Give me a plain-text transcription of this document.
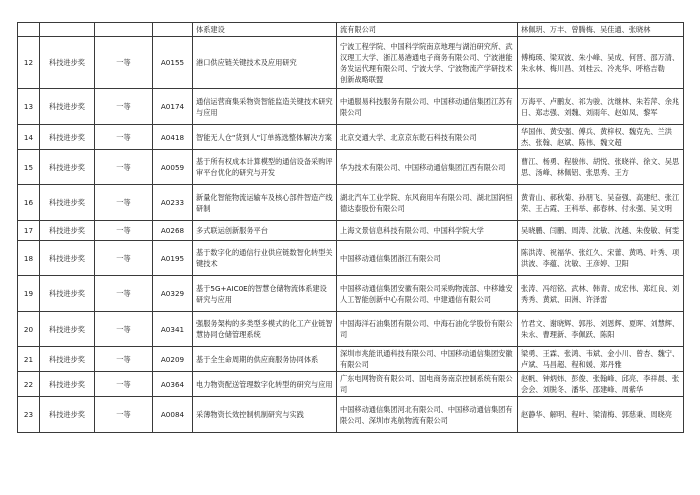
				体系建设	流有限公司	林佩玥、万丰、曾腾梅、吴佳通、张晓林
12	科技进步奖	一等	A0155	港口供应链关键技术及应用研究	宁波工程学院、中国科学院南京地理与湖泊研究所、武汉理工大学、浙江易港通电子商务有限公司、宁波港能务发运代理有限公司、宁波大学、宁波物流产学研技术创新战略联盟	傅梅瑛、梁双波、朱小峰、吴成、何晋、邵万清、朱永林、梅川昌、刘桂云、冷兆华、呼格吉勒
13	科技进步奖	一等	A0174	通信运营商集采物资智能监造关键技术研究与应用	中通服易科技服务有限公司、中国移动通信集团江苏有限公司	万海平、卢鹏友、祁为骏、沈继林、朱若萍、余兆日、郑志强、刘魏、刘雨年、赵如凤、黎军
14	科技进步奖	一等	A0418	智能无人仓"货到人"订单拣选整体解决方案	北京交通大学、北京京东乾石科技有限公司	华国伟、黄安强、傅兵、黄梓权、魏克先、兰洪杰、张翰、赵斌、陈伟、魏文超
15	科技进步奖	一等	A0059	基于所有权成本计算模型的通信设备采购评审平台优化的研究与开发	华为技术有限公司、中国移动通信集团江西有限公司	曹江、杨勇、程骏伟、胡悦、张晓祥、徐文、吴思思、汤峰、林佩铝、张思秀、王方
16	科技进步奖	一等	A0233	新量化智能物流运输车及核心部件智造产线研制	湖北汽车工业学院、东风商用车有限公司、湖北国润恒德达泰股份有限公司	黄青山、郝秋菊、孙朋飞、吴奋强、高建纪、张江荣、王占霞、王科举、郝春林、付永强、吴文明
17	科技进步奖	一等	A0268	多式联运创新服务平台	上海文景信息科技有限公司、中国科学院大学	吴晓鹏、闫鹏、周涛、沈敏、沈越、朱俊敏、何雯
18	科技进步奖	一等	A0195	基于数字化的通信行业供应链数智化转型关键技术	中国移动通信集团浙江有限公司	陈洪涛、祝福华、张红久、宋蕾、黄鸣、叶秀、项洪波、李蕴、沈敏、王彦婷、卫阳
19	科技进步奖	一等	A0329	基于5G+AIC0E的智慧仓储物流体系建设研究与应用	中国移动通信集团安徽有限公司采购物流部、中移雄安人工智能创新中心有限公司、中建通信有限公司	张涛、冯绍铭、武林、韩青、成宏伟、郑红良、刘秀秀、黄斌、田洲、许泽雷
20	科技进步奖	一等	A0341	强服务架构的多类型多模式的化工产业链智慧协同仓储管理系统	中国海洋石油集团有限公司、中海石油化学股份有限公司	竹君文、谢晓辉、郭彤、刘恩辉、夏晖、刘慧辉、朱永、曹理新、李佩跃、陈阳
21	科技进步奖	一等	A0209	基于全生命周期的供应商服务协同体系	深圳市兆能讯通科技有限公司、中国移动通信集团安徽有限公司	梁勇、王霖、张鸿、韦斌、金小川、曾杏、魏宁、卢斌、马昌超、程和媛、郑丹雅
22	科技进步奖	一等	A0364	电力物资配送管理数字化转型的研究与应用	广东电网物资有限公司、国电商务南京控制系统有限公司	赵帆、钟炳炜、彭俊、张翰峰、邱亮、李祥晨、张会会、刘脱冬、潘华、邵建峰、周紫华
23	科技进步奖	一等	A0084	采薄物资长效控制机制研究与实践	中国移动通信集团河北有限公司、中国移动通信集团有限公司、深圳市兆航物流有限公司	赵静华、解明、程叶、梁清梅、郭慈秉、周晓亮
